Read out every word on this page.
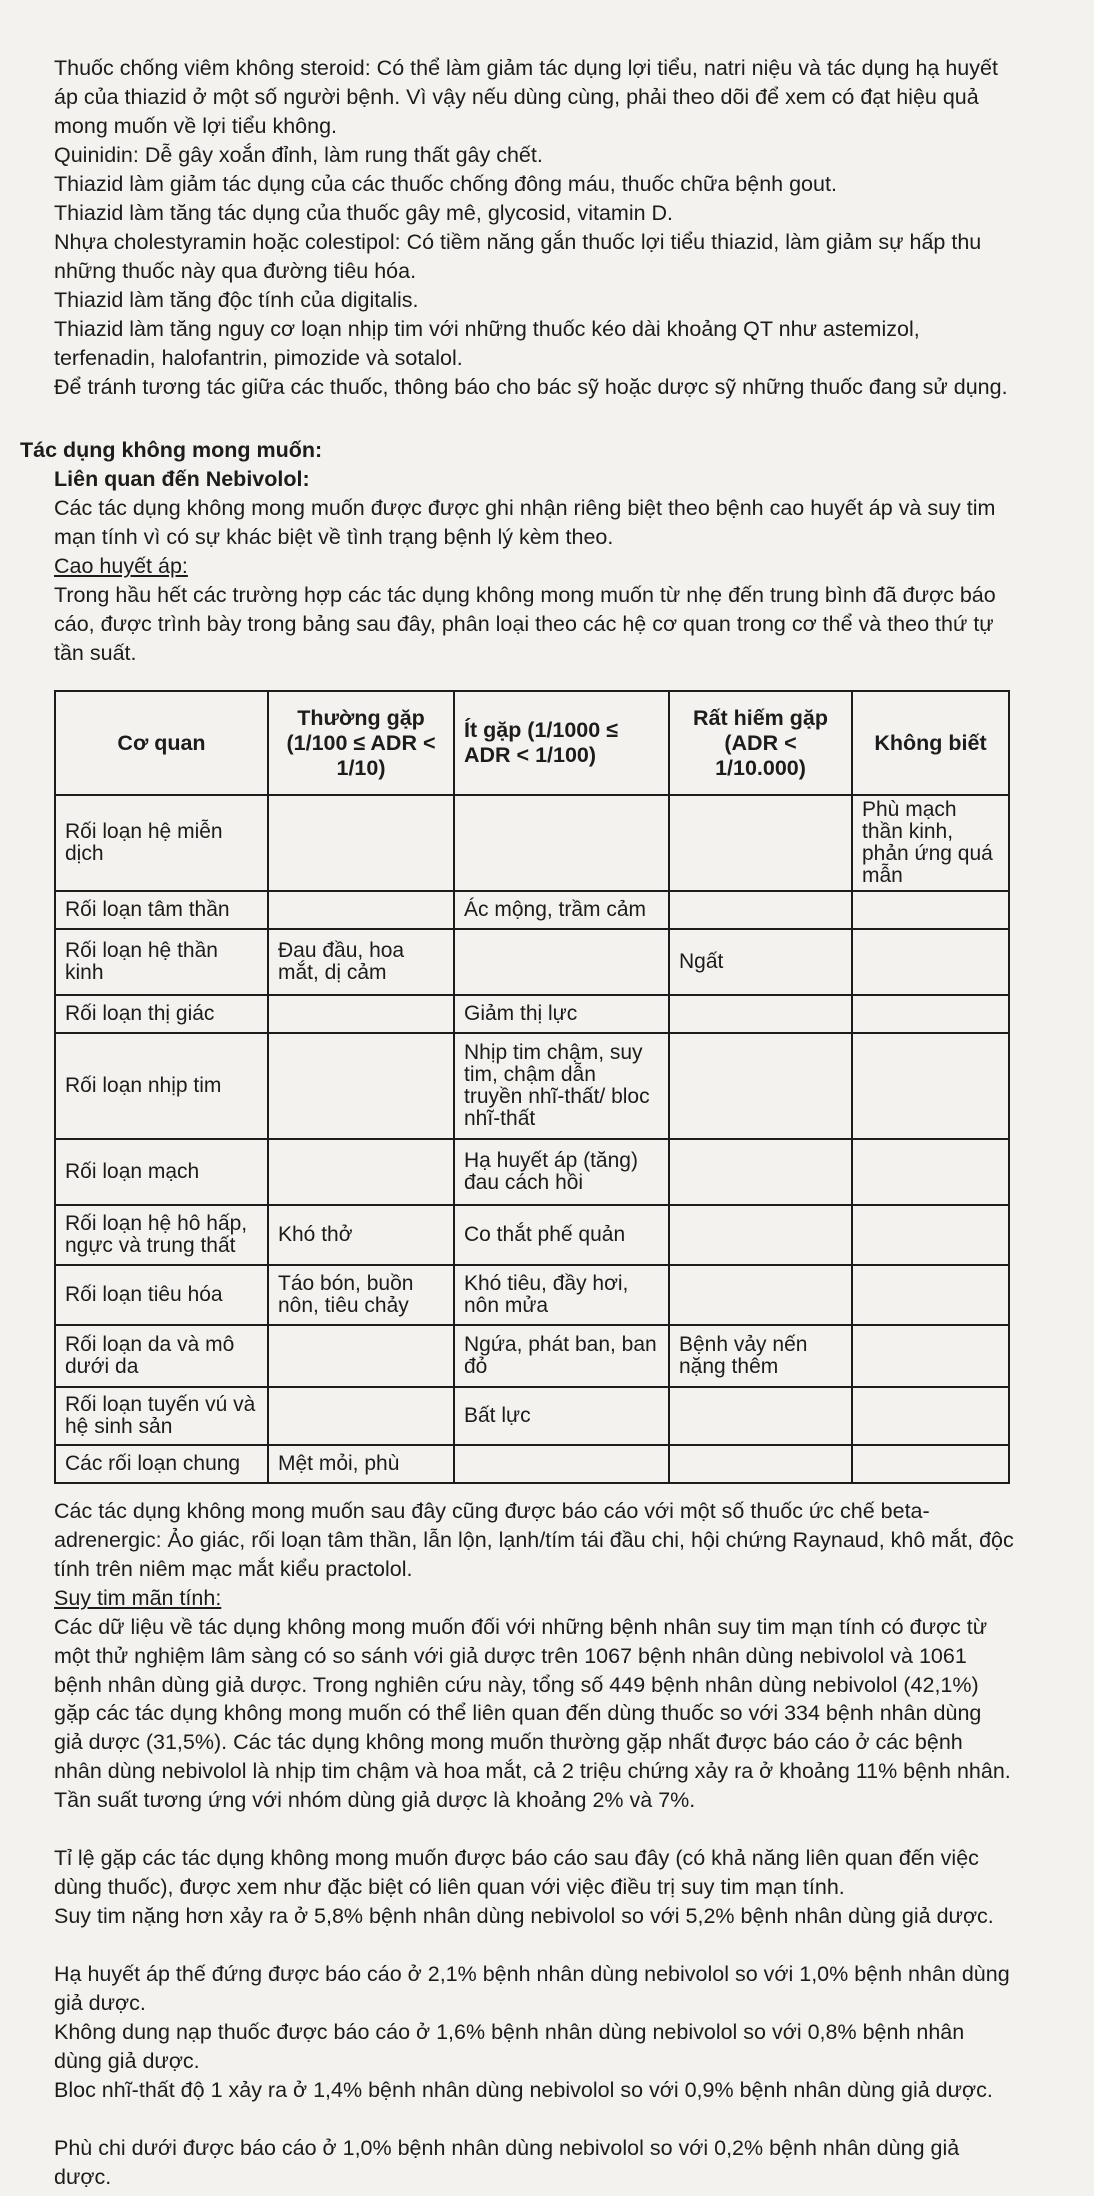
Thuốc chống viêm không steroid: Có thể làm giảm tác dụng lợi tiểu, natri niệu và tác dụng hạ huyết áp của thiazid ở một số người bệnh. Vì vậy nếu dùng cùng, phải theo dõi để xem có đạt hiệu quả mong muốn về lợi tiểu không.

Quinidin: Dễ gây xoắn đỉnh, làm rung thất gây chết.

Thiazid làm giảm tác dụng của các thuốc chống đông máu, thuốc chữa bệnh gout.

Thiazid làm tăng tác dụng của thuốc gây mê, glycosid, vitamin D.

Nhựa cholestyramin hoặc colestipol: Có tiềm năng gắn thuốc lợi tiểu thiazid, làm giảm sự hấp thu những thuốc này qua đường tiêu hóa.

Thiazid làm tăng độc tính của digitalis.

Thiazid làm tăng nguy cơ loạn nhịp tim với những thuốc kéo dài khoảng QT như astemizol, terfenadin, halofantrin, pimozide và sotalol.

Để tránh tương tác giữa các thuốc, thông báo cho bác sỹ hoặc dược sỹ những thuốc đang sử dụng.

Tác dụng không mong muốn:

Liên quan đến Nebivolol:

Các tác dụng không mong muốn được được ghi nhận riêng biệt theo bệnh cao huyết áp và suy tim mạn tính vì có sự khác biệt về tình trạng bệnh lý kèm theo.

Cao huyết áp:

Trong hầu hết các trường hợp các tác dụng không mong muốn từ nhẹ đến trung bình đã được báo cáo, được trình bày trong bảng sau đây, phân loại theo các hệ cơ quan trong cơ thể và theo thứ tự tần suất.

Cơ quan	Thường gặp (1/100 ≤ ADR < 1/10)	Ít gặp (1/1000 ≤ ADR < 1/100)	Rất hiếm gặp (ADR < 1/10.000)	Không biết
Rối loạn hệ miễn dịch				Phù mạch thần kinh, phản ứng quá mẫn
Rối loạn tâm thần		Ác mộng, trầm cảm		
Rối loạn hệ thần kinh	Đau đầu, hoa mắt, dị cảm		Ngất	
Rối loạn thị giác		Giảm thị lực		
Rối loạn nhịp tim		Nhịp tim chậm, suy tim, chậm dẫn truyền nhĩ-thất/ bloc nhĩ-thất		
Rối loạn mạch		Hạ huyết áp (tăng) đau cách hồi		
Rối loạn hệ hô hấp, ngực và trung thất	Khó thở	Co thắt phế quản		
Rối loạn tiêu hóa	Táo bón, buồn nôn, tiêu chảy	Khó tiêu, đầy hơi, nôn mửa		
Rối loạn da và mô dưới da		Ngứa, phát ban, ban đỏ	Bệnh vảy nến nặng thêm	
Rối loạn tuyến vú và hệ sinh sản		Bất lực		
Các rối loạn chung	Mệt mỏi, phù			

Các tác dụng không mong muốn sau đây cũng được báo cáo với một số thuốc ức chế beta-adrenergic: Ảo giác, rối loạn tâm thần, lẫn lộn, lạnh/tím tái đầu chi, hội chứng Raynaud, khô mắt, độc tính trên niêm mạc mắt kiểu practolol.

Suy tim mãn tính:

Các dữ liệu về tác dụng không mong muốn đối với những bệnh nhân suy tim mạn tính có được từ một thử nghiệm lâm sàng có so sánh với giả dược trên 1067 bệnh nhân dùng nebivolol và 1061 bệnh nhân dùng giả dược. Trong nghiên cứu này, tổng số 449 bệnh nhân dùng nebivolol (42,1%) gặp các tác dụng không mong muốn có thể liên quan đến dùng thuốc so với 334 bệnh nhân dùng giả dược (31,5%). Các tác dụng không mong muốn thường gặp nhất được báo cáo ở các bệnh nhân dùng nebivolol là nhịp tim chậm và hoa mắt, cả 2 triệu chứng xảy ra ở khoảng 11% bệnh nhân. Tần suất tương ứng với nhóm dùng giả dược là khoảng 2% và 7%.

Tỉ lệ gặp các tác dụng không mong muốn được báo cáo sau đây (có khả năng liên quan đến việc dùng thuốc), được xem như đặc biệt có liên quan với việc điều trị suy tim mạn tính.

Suy tim nặng hơn xảy ra ở 5,8% bệnh nhân dùng nebivolol so với 5,2% bệnh nhân dùng giả dược.

Hạ huyết áp thế đứng được báo cáo ở 2,1% bệnh nhân dùng nebivolol so với 1,0% bệnh nhân dùng giả dược.

Không dung nạp thuốc được báo cáo ở 1,6% bệnh nhân dùng nebivolol so với 0,8% bệnh nhân dùng giả dược.

Bloc nhĩ-thất độ 1 xảy ra ở 1,4% bệnh nhân dùng nebivolol so với 0,9% bệnh nhân dùng giả dược.

Phù chi dưới được báo cáo ở 1,0% bệnh nhân dùng nebivolol so với 0,2% bệnh nhân dùng giả dược.
